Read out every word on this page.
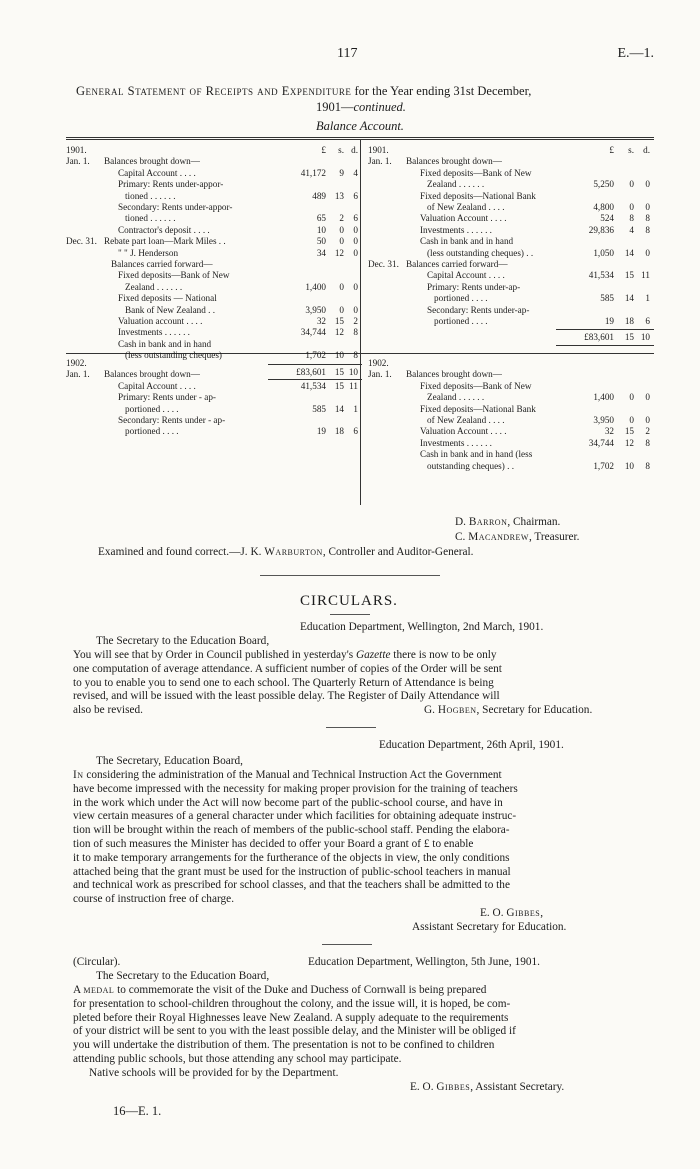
117	E.—1.
General Statement of Receipts and Expenditure for the Year ending 31st December,
1901—continued.
Balance Account.
1901.	£	s. d.
Jan. 1. Balances brought down—
Capital Account . . . .	41,172	9	4
Primary: Rents under-appor-
tioned . . . . . .	489 13	6
Secondary: Rents under-appor-
tioned . . . . . .	65	2	6
Contractor's deposit . . . .	10	0	0
Dec. 31. Rebate part loan—Mark Miles . .	50	0	0
" " J. Henderson	34 12	0
Balances carried forward—
Fixed deposits—Bank of New
Zealand . . . . . .	1,400	0	0
Fixed deposits — National
Bank of New Zealand . .	3,950	0	0
Valuation account . . . .	32 15	2
Investments . . . . . .	34,744 12	8
Cash in bank and in hand
(less outstanding cheques)	1,702 10	8
£83,601 15 10
1901.	£	s. d.
Jan. 1. Balances brought down—
Fixed deposits—Bank of New
Zealand . . . . . .	5,250	0	0
Fixed deposits—National Bank
of New Zealand . . . .	4,800	0	0
Valuation Account . . . .	524	8	8
Investments . . . . . .	29,836	4	8
Cash in bank and in hand
(less outstanding cheques) . .	1,050	14	0
Dec. 31. Balances carried forward—
Capital Account . . . .	41,534	15 11
Primary: Rents under-ap-
portioned . . . .	585	14	1
Secondary: Rents under-ap-
portioned . . . .	19	18	6
£83,601	15 10
1902.
Jan. 1. Balances brought down—
Capital Account . . . .	41,534 15 11
Primary: Rents under - ap-
portioned . . . .	585 14	1
Secondary: Rents under - ap-
portioned . . . .	19 18	6
1902.
Jan. 1. Balances brought down—
Fixed deposits—Bank of New
Zealand . . . . . .	1,400	0	0
Fixed deposits—National Bank
of New Zealand . . . .	3,950	0	0
Valuation Account . . . .	32	15	2
Investments . . . . . .	34,744	12	8
Cash in bank and in hand (less
outstanding cheques) . .	1,702	10	8
D. Barron, Chairman.
C. Macandrew, Treasurer.
Examined and found correct.—J. K. Warburton, Controller and Auditor-General.
CIRCULARS.
Education Department, Wellington, 2nd March, 1901.
The Secretary to the Education Board,
You will see that by Order in Council published in yesterday's Gazette there is now to be only
one computation of average attendance. A sufficient number of copies of the Order will be sent
to you to enable you to send one to each school. The Quarterly Return of Attendance is being
revised, and will be issued with the least possible delay. The Register of Daily Attendance will
also be revised.	G. Hogben, Secretary for Education.
Education Department, 26th April, 1901.
The Secretary, Education Board,
In considering the administration of the Manual and Technical Instruction Act the Government
have become impressed with the necessity for making proper provision for the training of teachers
in the work which under the Act will now become part of the public-school course, and have in
view certain measures of a general character under which facilities for obtaining adequate instruc-
tion will be brought within the reach of members of the public-school staff. Pending the elabora-
tion of such measures the Minister has decided to offer your Board a grant of £ to enable
it to make temporary arrangements for the furtherance of the objects in view, the only conditions
attached being that the grant must be used for the instruction of public-school teachers in manual
and technical work as prescribed for school classes, and that the teachers shall be admitted to the
course of instruction free of charge.
E. O. Gibbes,
Assistant Secretary for Education.
(Circular).	Education Department, Wellington, 5th June, 1901.
The Secretary to the Education Board,
A medal to commemorate the visit of the Duke and Duchess of Cornwall is being prepared
for presentation to school-children throughout the colony, and the issue will, it is hoped, be com-
pleted before their Royal Highnesses leave New Zealand. A supply adequate to the requirements
of your district will be sent to you with the least possible delay, and the Minister will be obliged if
you will undertake the distribution of them. The presentation is not to be confined to children
attending public schools, but those attending any school may participate.
Native schools will be provided for by the Department.
E. O. Gibbes, Assistant Secretary.
16—E. 1.
